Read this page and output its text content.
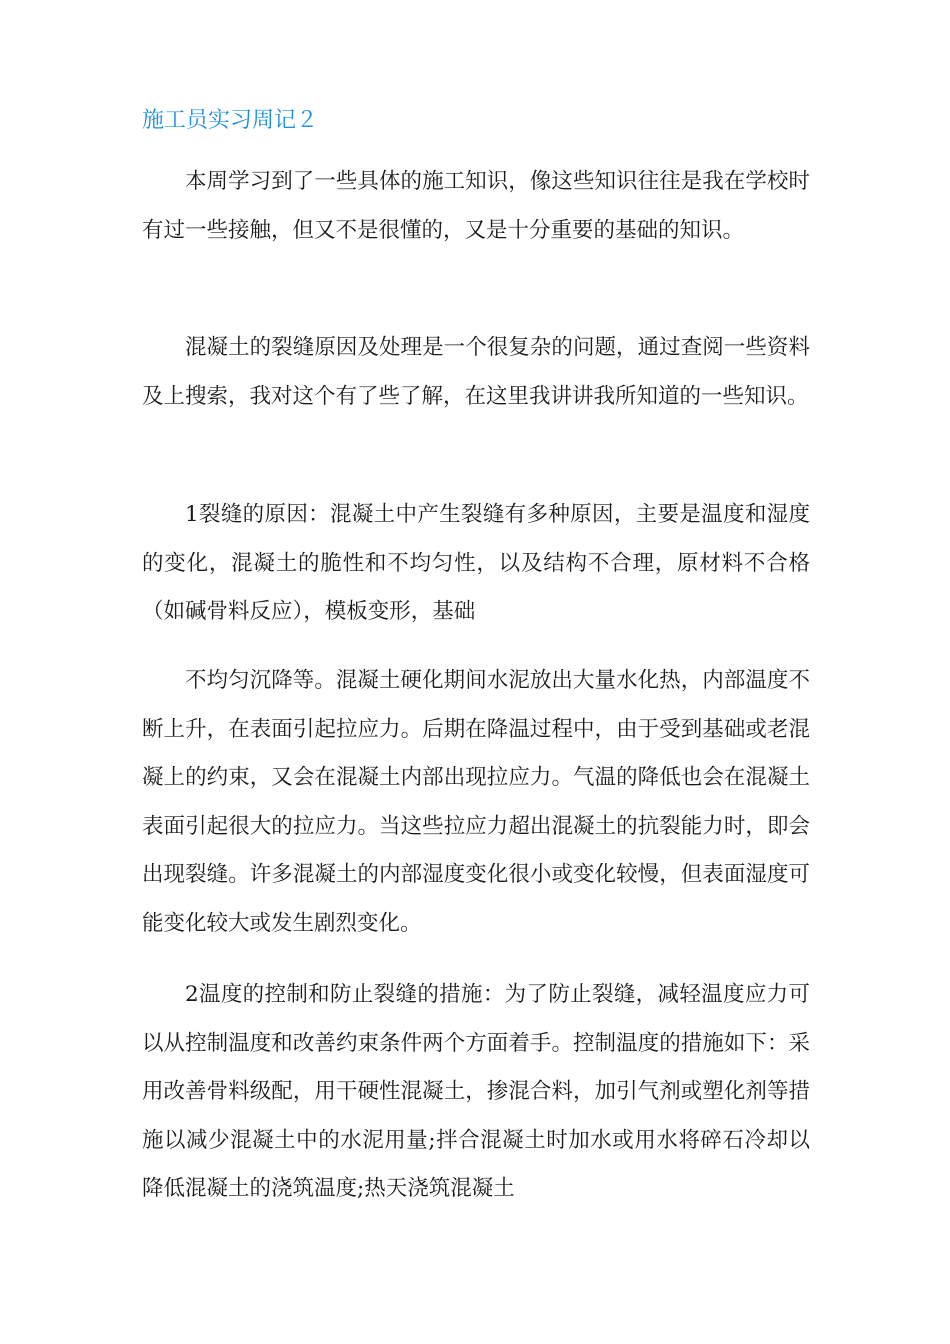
施工员实习周记２

本周学习到了一些具体的施工知识，像这些知识往往是我在学校时有过一些接触，但又不是很懂的，又是十分重要的基础的知识。

混凝土的裂缝原因及处理是一个很复杂的问题，通过查阅一些资料及上搜索，我对这个有了些了解，在这里我讲讲我所知道的一些知识。

1裂缝的原因：混凝土中产生裂缝有多种原因，主要是温度和湿度的变化，混凝土的脆性和不均匀性，以及结构不合理，原材料不合格（如碱骨料反应），模板变形，基础

不均匀沉降等。混凝土硬化期间水泥放出大量水化热，内部温度不断上升，在表面引起拉应力。后期在降温过程中，由于受到基础或老混凝上的约束，又会在混凝土内部出现拉应力。气温的降低也会在混凝土表面引起很大的拉应力。当这些拉应力超出混凝土的抗裂能力时，即会出现裂缝。许多混凝土的内部湿度变化很小或变化较慢，但表面湿度可能变化较大或发生剧烈变化。

2温度的控制和防止裂缝的措施：为了防止裂缝，减轻温度应力可以从控制温度和改善约束条件两个方面着手。控制温度的措施如下：采用改善骨料级配，用干硬性混凝土，掺混合料，加引气剂或塑化剂等措施以减少混凝土中的水泥用量;拌合混凝土时加水或用水将碎石冷却以降低混凝土的浇筑温度;热天浇筑混凝土
